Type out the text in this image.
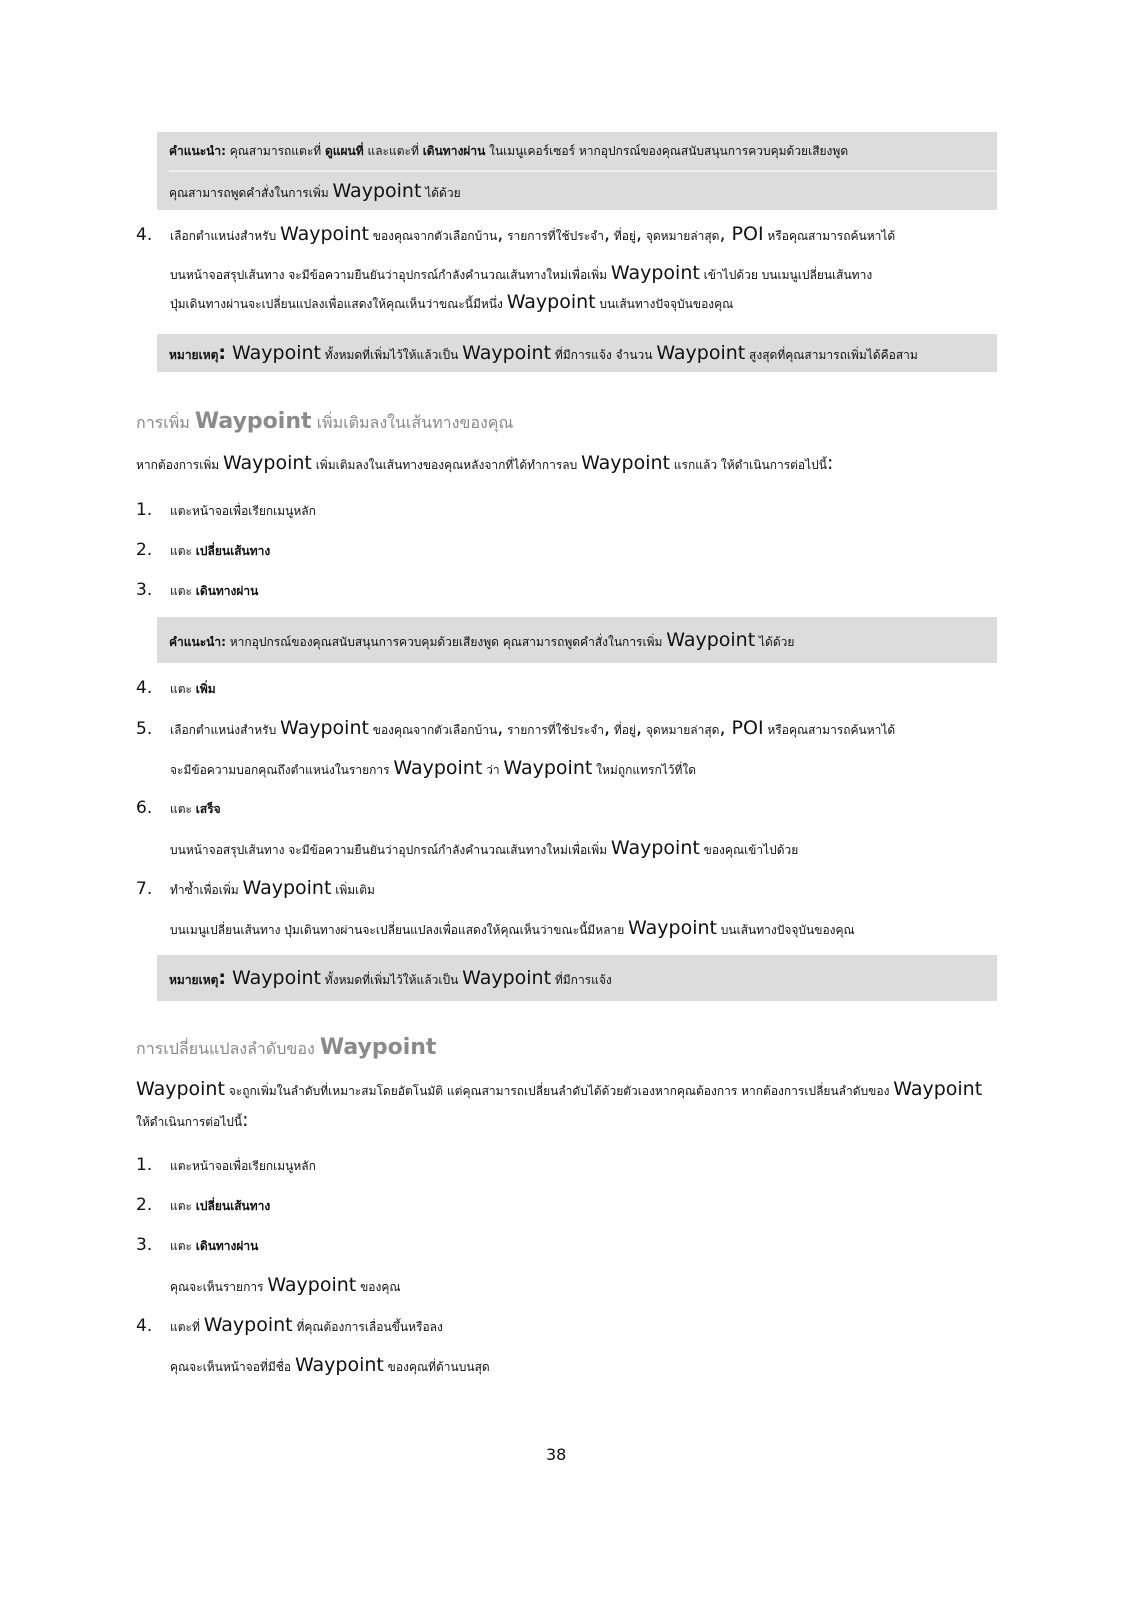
คำแนะนำ: คุณสามารถแตะที่ ดูแผนที่ และแตะที่ เดินทางผ่าน ในเมนูเคอร์เซอร์ หากอุปกรณ์ของคุณสนับสนุนการควบคุมด้วยเสียงพูด
คุณสามารถพูดคำสั่งในการเพิ่ม Waypoint ได้ด้วย
4. เลือกตำแหน่งสำหรับ Waypoint ของคุณจากตัวเลือกบ้าน, รายการที่ใช้ประจำ, ที่อยู่, จุดหมายล่าสุด, POI หรือคุณสามารถค้นหาได้
บนหน้าจอสรุปเส้นทาง จะมีข้อความยืนยันว่าอุปกรณ์กำลังคำนวณเส้นทางใหม่เพื่อเพิ่ม Waypoint เข้าไปด้วย บนเมนูเปลี่ยนเส้นทาง
ปุ่มเดินทางผ่านจะเปลี่ยนแปลงเพื่อแสดงให้คุณเห็นว่าขณะนี้มีหนึ่ง Waypoint บนเส้นทางปัจจุบันของคุณ
หมายเหตุ: Waypoint ทั้งหมดที่เพิ่มไว้ให้แล้วเป็น Waypoint ที่มีการแจ้ง จำนวน Waypoint สูงสุดที่คุณสามารถเพิ่มได้คือสาม
การเพิ่ม Waypoint เพิ่มเติมลงในเส้นทางของคุณ
หากต้องการเพิ่ม Waypoint เพิ่มเติมลงในเส้นทางของคุณหลังจากที่ได้ทำการลบ Waypoint แรกแล้ว ให้ดำเนินการต่อไปนี้:
1. แตะหน้าจอเพื่อเรียกเมนูหลัก
2. แตะ เปลี่ยนเส้นทาง
3. แตะ เดินทางผ่าน
คำแนะนำ: หากอุปกรณ์ของคุณสนับสนุนการควบคุมด้วยเสียงพูด คุณสามารถพูดคำสั่งในการเพิ่ม Waypoint ได้ด้วย
4. แตะ เพิ่ม
5. เลือกตำแหน่งสำหรับ Waypoint ของคุณจากตัวเลือกบ้าน, รายการที่ใช้ประจำ, ที่อยู่, จุดหมายล่าสุด, POI หรือคุณสามารถค้นหาได้
จะมีข้อความบอกคุณถึงตำแหน่งในรายการ Waypoint ว่า Waypoint ใหม่ถูกแทรกไว้ที่ใด
6. แตะ เสร็จ
บนหน้าจอสรุปเส้นทาง จะมีข้อความยืนยันว่าอุปกรณ์กำลังคำนวณเส้นทางใหม่เพื่อเพิ่ม Waypoint ของคุณเข้าไปด้วย
7. ทำซ้ำเพื่อเพิ่ม Waypoint เพิ่มเติม
บนเมนูเปลี่ยนเส้นทาง ปุ่มเดินทางผ่านจะเปลี่ยนแปลงเพื่อแสดงให้คุณเห็นว่าขณะนี้มีหลาย Waypoint บนเส้นทางปัจจุบันของคุณ
หมายเหตุ: Waypoint ทั้งหมดที่เพิ่มไว้ให้แล้วเป็น Waypoint ที่มีการแจ้ง
การเปลี่ยนแปลงลำดับของ Waypoint
Waypoint จะถูกเพิ่มในลำดับที่เหมาะสมโดยอัตโนมัติ แต่คุณสามารถเปลี่ยนลำดับได้ด้วยตัวเองหากคุณต้องการ หากต้องการเปลี่ยนลำดับของ Waypoint
ให้ดำเนินการต่อไปนี้:
1. แตะหน้าจอเพื่อเรียกเมนูหลัก
2. แตะ เปลี่ยนเส้นทาง
3. แตะ เดินทางผ่าน
คุณจะเห็นรายการ Waypoint ของคุณ
4. แตะที่ Waypoint ที่คุณต้องการเลื่อนขึ้นหรือลง
คุณจะเห็นหน้าจอที่มีชื่อ Waypoint ของคุณที่ด้านบนสุด
38
